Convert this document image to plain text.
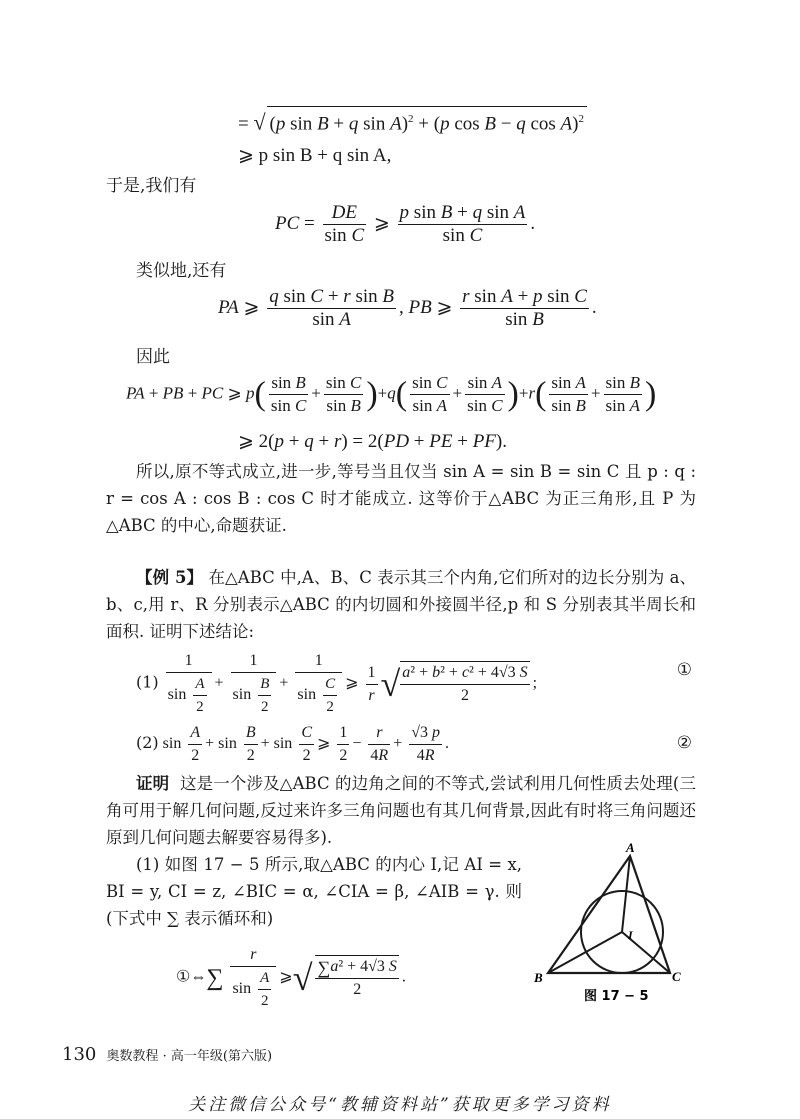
= √ (p sin B + q sin A)$^2$ + (p cos B − q cos A)$^2$
⩾ p sin B + q sin A,
于是,我们有
PC = $\frac{DE}{\text{sin C}}$ ⩾ $\frac{\text{p sin B + q sin A}}{\text{sin C}}$ .
类似地,还有
PA ⩾ $\frac{\text{q sin C + r sin B}}{\text{sin A}}$ , PB ⩾ $\frac{\text{r sin A + p sin C}}{\text{sin B}}$ .
因此
PA + PB + PC ⩾ $p( \frac{\text{sin B}}{\text{sin C}} + \frac{\text{sin C}}{\text{sin B}} )+q( \frac{\text{sin C}}{\text{sin A}} + \frac{\text{sin A}}{\text{sin C}} )+r( \frac{\text{sin A}}{\text{sin B}} + \frac{\text{sin B}}{\text{sin A}}$ )
⩾ 2(p + q + r) = 2(PD + PE + PF).
所以,原不等式成立,进一步,等号当且仅当 sin A = sin B = sin C 且 p : q : r = cos A : cos B : cos C 时才能成立. 这等价于△ABC 为正三角形,且 P 为△ABC 的中心,命题获证.
【例 5】 在△ABC 中,A、B、C 表示其三个内角,它们所对的边长分别为 a、b、c,用 r、R 分别表示△ABC 的内切圆和外接圆半径,p 和 S 分别表其半周长和面积. 证明下述结论:
$(1) \frac{1}{\sin \frac{A}{2}} + \frac{1}{\sin \frac{B}{2}} + \frac{1}{\sin \frac{C}{2}}$ ⩾ $\frac{1}{r}$ √ $\frac{\text{a² + b² + c² + 4√3 S}}{2}$ ;
①
(2) $\sin \frac{A}{2} + \sin \frac{B}{2} + \sin \frac{C}{2}$ ⩾ $\frac{1}{2} - \frac{r}{4R} + \frac{√3 p}{4R}$ .	②
证明 这是一个涉及△ABC 的边角之间的不等式,尝试利用几何性质去处理(三角可用于解几何问题,反过来许多三角问题也有其几何背景,因此有时将三角问题还原到几何问题去解要容易得多).
(1) 如图 17 − 5 所示,取△ABC 的内心 I,记 AI = x, BI = y, CI = z, ∠BIC = α, ∠CIA = β, ∠AIB = γ. 则(下式中 ∑ 表示循环和)
①⇔∑ $\frac{r}{\sin \frac{A}{2}}$ ⩾√ $\frac{\text{∑a² + 4√3 S}}{2}$ .
A
B	C
I
图 17 − 5
130 奥数教程 · 高一年级(第六版)
关注微信公众号“教辅资料站”获取更多学习资料
